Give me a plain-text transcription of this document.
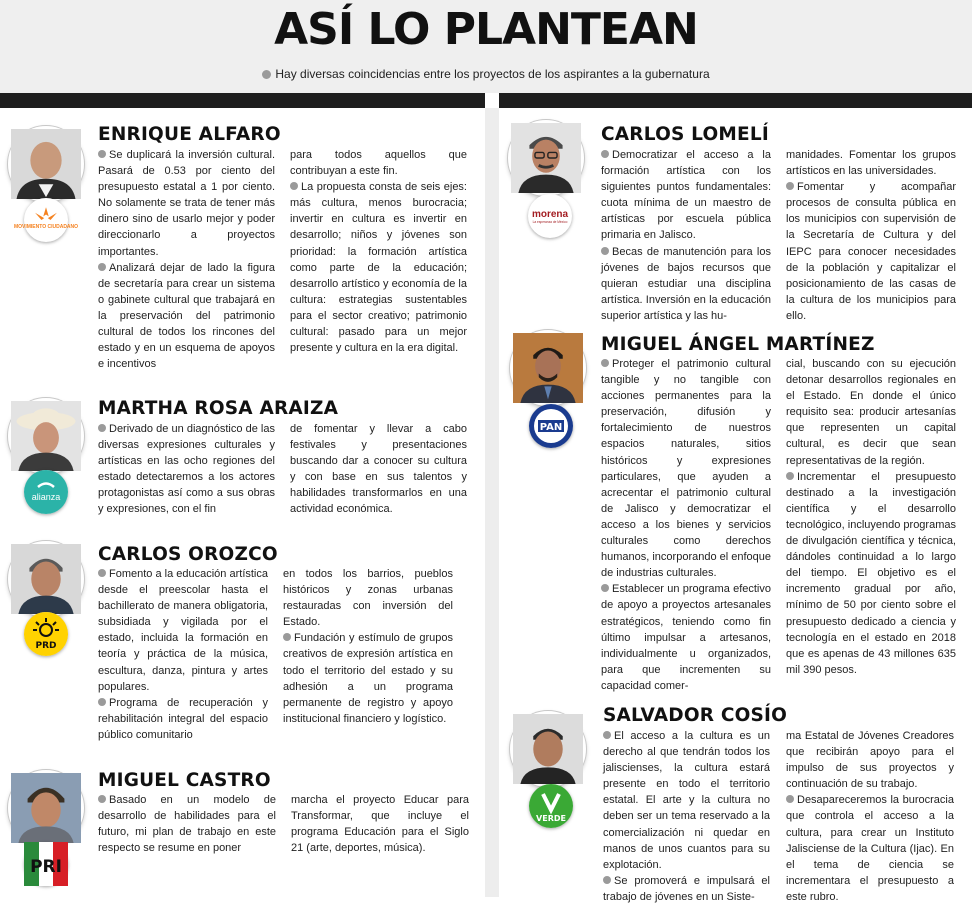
ASÍ LO PLANTEAN
Hay diversas coincidencias entre los proyectos de los aspirantes a la gubernatura
MOVIMIENTO CIUDADANO
ENRIQUE ALFARO

Se duplicará la inversión cultural. Pasará de 0.53 por ciento del presupuesto estatal a 1 por ciento. No solamente se trata de tener más dinero sino de usarlo mejor y poder direccionarlo a proyectos importantes.

Analizará dejar de lado la figura de secretaría para crear un sistema o gabinete cultural que trabajará en la preservación del patrimonio cultural de todos los rincones del estado y en un esquema de apoyos e incentivos

para todos aquellos que contribuyan a este fin.

La propuesta consta de seis ejes: más cultura, menos burocracia; invertir en cultura es invertir en desarrollo; niños y jóvenes son prioridad: la formación artística como parte de la educación; desarrollo artístico y economía de la cultura: estrategias sustentables para el sector creativo; patrimonio cultural: pasado para un mejor presente y cultura en la era digital.

alianza
MARTHA ROSA ARAIZA

Derivado de un diagnóstico de las diversas expresiones culturales y artísticas en las ocho regiones del estado detectaremos a los actores protagonistas así como a sus obras y expresiones, con el fin

de fomentar y llevar a cabo festivales y presentaciones buscando dar a conocer su cultura y con base en sus talentos y habilidades transformarlos en una actividad económica.

PRD
CARLOS OROZCO

Fomento a la educación artística desde el preescolar hasta el bachillerato de manera obligatoria, subsidiada y vigilada por el estado, incluida la formación en teoría y práctica de la música, escultura, danza, pintura y artes populares.

Programa de recuperación y rehabilitación integral del espacio público comunitario

en todos los barrios, pueblos históricos y zonas urbanas restauradas con inversión del Estado.

Fundación y estímulo de grupos creativos de expresión artística en todo el territorio del estado y su adhesión a un programa permanente de registro y apoyo institucional financiero y logístico.

PRI
MIGUEL CASTRO

Basado en un modelo de desarrollo de habilidades para el futuro, mi plan de trabajo en este respecto se resume en poner

marcha el proyecto Educar para Transformar, que incluye el programa Educación para el Siglo 21 (arte, deportes, música).

morena
La esperanza de México
CARLOS LOMELÍ

Democratizar el acceso a la formación artística con los siguientes puntos fundamentales: cuota mínima de un maestro de artísticas por escuela pública primaria en Jalisco.

Becas de manutención para los jóvenes de bajos recursos que quieran estudiar una disciplina artística. Inversión en la educación superior artística y las hu-

manidades. Fomentar los grupos artísticos en las universidades.

Fomentar y acompañar procesos de consulta pública en los municipios con supervisión de la Secretaría de Cultura y del IEPC para conocer necesidades de la población y capitalizar el posicionamiento de las casas de la cultura de los municipios para ello.

PAN
MIGUEL ÁNGEL MARTÍNEZ

Proteger el patrimonio cultural tangible y no tangible con acciones permanentes para la preservación, difusión y fortalecimiento de nuestros espacios naturales, sitios históricos y expresiones particulares, que ayuden a acrecentar el patrimonio cultural de Jalisco y democratizar el acceso a los bienes y servicios culturales como derechos humanos, incorporando el enfoque de industrias culturales.

Establecer un programa efectivo de apoyo a proyectos artesanales estratégicos, teniendo como fin último impulsar a artesanos, individualmente u organizados, para que incrementen su capacidad comer-

cial, buscando con su ejecución detonar desarrollos regionales en el Estado. En donde el único requisito sea: producir artesanías que representen un capital cultural, es decir que sean representativas de la región.

Incrementar el presupuesto destinado a la investigación científica y el desarrollo tecnológico, incluyendo programas de divulgación científica y técnica, dándoles continuidad a lo largo del tiempo. El objetivo es el incremento gradual por año, mínimo de 50 por ciento sobre el presupuesto dedicado a ciencia y tecnología en el estado en 2018 que es apenas de 43 millones 635 mil 390 pesos.

VERDE
SALVADOR COSÍO

El acceso a la cultura es un derecho al que tendrán todos los jaliscienses, la cultura estará presente en todo el territorio estatal. El arte y la cultura no deben ser un tema reservado a la comercialización ni quedar en manos de unos cuantos para su explotación.

Se promoverá e impulsará el trabajo de jóvenes en un Siste-

ma Estatal de Jóvenes Creadores que recibirán apoyo para el impulso de sus proyectos y continuación de su trabajo.

Desapareceremos la burocracia que controla el acceso a la cultura, para crear un Instituto Jalisciense de la Cultura (Ijac). En el tema de ciencia se incrementara el presupuesto a este rubro.
